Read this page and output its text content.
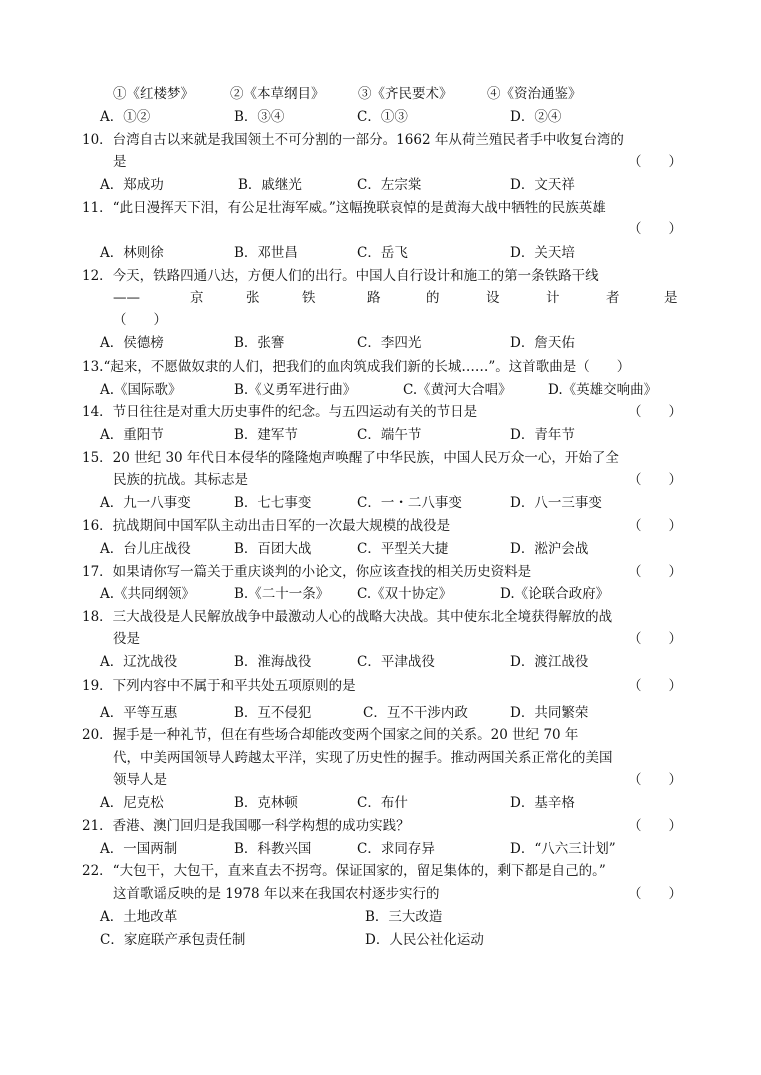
①《红楼梦》	②《本草纲目》 ③《齐民要术》	④《资治通鉴》
A．①②	B．③④	C．①③	D．②④
10．台湾自古以来就是我国领土不可分割的一部分。1662 年从荷兰殖民者手中收复台湾的
是	（　　）
A．郑成功	B．戚继光	C．左宗棠	D．文天祥
11．“此日漫挥天下泪，有公足壮海军威。”这幅挽联哀悼的是黄海大战中牺牲的民族英雄
（　　）
A．林则徐	B．邓世昌	C．岳飞	D．关天培
12．今天，铁路四通八达，方便人们的出行。中国人自行设计和施工的第一条铁路干线
——	京	张	铁	路	的	设	计	者	是
（　　）
A．侯德榜	B．张謇	C．李四光	D．詹天佑
13.“起来，不愿做奴隶的人们，把我们的血肉筑成我们新的长城……”。这首歌曲是（　　）
A.《国际歌》	B.《义勇军进行曲》	C.《黄河大合唱》	D.《英雄交响曲》
14．节日往往是对重大历史事件的纪念。与五四运动有关的节日是	（　　）
A．重阳节	B．建军节	C．端午节	D．青年节
15．20 世纪 30 年代日本侵华的隆隆炮声唤醒了中华民族，中国人民万众一心，开始了全
民族的抗战。其标志是	（　　）
A．九一八事变	B．七七事变	C．一・二八事变	D．八一三事变
16．抗战期间中国军队主动出击日军的一次最大规模的战役是	（　　）
A．台儿庄战役	B．百团大战	C．平型关大捷	D．淞沪会战
17．如果请你写一篇关于重庆谈判的小论文，你应该查找的相关历史资料是	（　　）
A.《共同纲领》	B.《二十一条》 C.《双十协定》	D.《论联合政府》
18．三大战役是人民解放战争中最激动人心的战略大决战。其中使东北全境获得解放的战
役是	（　　）
A．辽沈战役	B．淮海战役	C．平津战役	D．渡江战役
19．下列内容中不属于和平共处五项原则的是	（　　）
A．平等互惠	B．互不侵犯	C．互不干涉内政	D．共同繁荣
20．握手是一种礼节，但在有些场合却能改变两个国家之间的关系。20 世纪 70 年
代，中美两国领导人跨越太平洋，实现了历史性的握手。推动两国关系正常化的美国
领导人是	（　　）
A．尼克松	B．克林顿	C．布什	D．基辛格
21．香港、澳门回归是我国哪一科学构想的成功实践？	（　　）
A．一国两制	B．科教兴国	C．求同存异	D．“八六三计划”
22．“大包干，大包干，直来直去不拐弯。保证国家的，留足集体的，剩下都是自己的。”
这首歌谣反映的是 1978 年以来在我国农村逐步实行的	（　　）
A．土地改革	B．三大改造
C．家庭联产承包责任制	D．人民公社化运动
